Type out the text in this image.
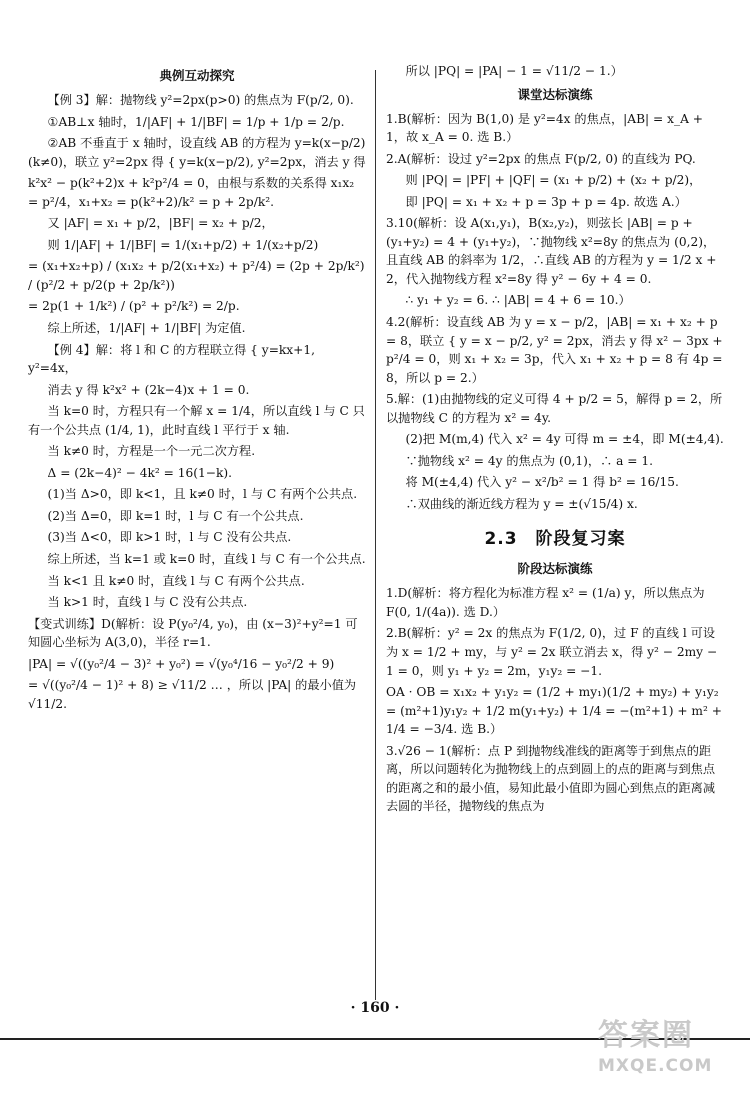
典例互动探究

【例 3】解：抛物线 y²=2px(p>0) 的焦点为 F(p/2, 0).

①AB⊥x 轴时，1/|AF| + 1/|BF| = 1/p + 1/p = 2/p.

②AB 不垂直于 x 轴时，设直线 AB 的方程为 y=k(x−p/2) (k≠0)，联立 y²=2px 得 { y=k(x−p/2), y²=2px，消去 y 得

k²x² − p(k²+2)x + k²p²/4 = 0，由根与系数的关系得 x₁x₂ = p²/4，x₁+x₂ = p(k²+2)/k² = p + 2p/k².

又 |AF| = x₁ + p/2，|BF| = x₂ + p/2，

则 1/|AF| + 1/|BF| = 1/(x₁+p/2) + 1/(x₂+p/2)

= (x₁+x₂+p) / (x₁x₂ + p/2(x₁+x₂) + p²/4) = (2p + 2p/k²) / (p²/2 + p/2(p + 2p/k²))

= 2p(1 + 1/k²) / (p² + p²/k²) = 2/p.

综上所述，1/|AF| + 1/|BF| 为定值.

【例 4】解：将 l 和 C 的方程联立得 { y=kx+1, y²=4x，

消去 y 得 k²x² + (2k−4)x + 1 = 0.

当 k=0 时，方程只有一个解 x = 1/4，所以直线 l 与 C 只有一个公共点 (1/4, 1)，此时直线 l 平行于 x 轴.

当 k≠0 时，方程是一个一元二次方程.

Δ = (2k−4)² − 4k² = 16(1−k).

(1)当 Δ>0，即 k<1，且 k≠0 时，l 与 C 有两个公共点.

(2)当 Δ=0，即 k=1 时，l 与 C 有一个公共点.

(3)当 Δ<0，即 k>1 时，l 与 C 没有公共点.

综上所述，当 k=1 或 k=0 时，直线 l 与 C 有一个公共点.

当 k<1 且 k≠0 时，直线 l 与 C 有两个公共点.

当 k>1 时，直线 l 与 C 没有公共点.

【变式训练】D(解析：设 P(y₀²/4, y₀)，由 (x−3)²+y²=1 可知圆心坐标为 A(3,0)，半径 r=1.

|PA| = √((y₀²/4 − 3)² + y₀²) = √(y₀⁴/16 − y₀²/2 + 9)

= √((y₀²/4 − 1)² + 8) ≥ √11/2 … ，所以 |PA| 的最小值为 √11/2.

所以 |PQ| = |PA| − 1 = √11/2 − 1.）

课堂达标演练

1.B(解析：因为 B(1,0) 是 y²=4x 的焦点，|AB| = x_A + 1，故 x_A = 0. 选 B.）

2.A(解析：设过 y²=2px 的焦点 F(p/2, 0) 的直线为 PQ.

则 |PQ| = |PF| + |QF| = (x₁ + p/2) + (x₂ + p/2)，

即 |PQ| = x₁ + x₂ + p = 3p + p = 4p. 故选 A.）

3.10(解析：设 A(x₁,y₁)，B(x₂,y₂)，则弦长 |AB| = p + (y₁+y₂) = 4 + (y₁+y₂)，∵抛物线 x²=8y 的焦点为 (0,2)，且直线 AB 的斜率为 1/2，∴直线 AB 的方程为 y = 1/2 x + 2，代入抛物线方程 x²=8y 得 y² − 6y + 4 = 0.

∴ y₁ + y₂ = 6. ∴ |AB| = 4 + 6 = 10.）

4.2(解析：设直线 AB 为 y = x − p/2，|AB| = x₁ + x₂ + p = 8，联立 { y = x − p/2, y² = 2px，消去 y 得 x² − 3px + p²/4 = 0，则 x₁ + x₂ = 3p，代入 x₁ + x₂ + p = 8 有 4p = 8，所以 p = 2.）

5.解：(1)由抛物线的定义可得 4 + p/2 = 5，解得 p = 2，所以抛物线 C 的方程为 x² = 4y.

(2)把 M(m,4) 代入 x² = 4y 可得 m = ±4，即 M(±4,4).

∵抛物线 x² = 4y 的焦点为 (0,1)，∴ a = 1.

将 M(±4,4) 代入 y² − x²/b² = 1 得 b² = 16/15.

∴双曲线的渐近线方程为 y = ±(√15/4) x.

2.3　阶段复习案
阶段达标演练

1.D(解析：将方程化为标准方程 x² = (1/a) y，所以焦点为 F(0, 1/(4a)). 选 D.）

2.B(解析：y² = 2x 的焦点为 F(1/2, 0)，过 F 的直线 l 可设为 x = 1/2 + my，与 y² = 2x 联立消去 x，得 y² − 2my − 1 = 0，则 y₁ + y₂ = 2m，y₁y₂ = −1.

OA · OB = x₁x₂ + y₁y₂ = (1/2 + my₁)(1/2 + my₂) + y₁y₂ = (m²+1)y₁y₂ + 1/2 m(y₁+y₂) + 1/4 = −(m²+1) + m² + 1/4 = −3/4. 选 B.）

3.√26 − 1(解析：点 P 到抛物线准线的距离等于到焦点的距离，所以问题转化为抛物线上的点到圆上的点的距离与到焦点的距离之和的最小值，易知此最小值即为圆心到焦点的距离减去圆的半径，抛物线的焦点为

· 160 ·
答案圈
MXQE.COM
